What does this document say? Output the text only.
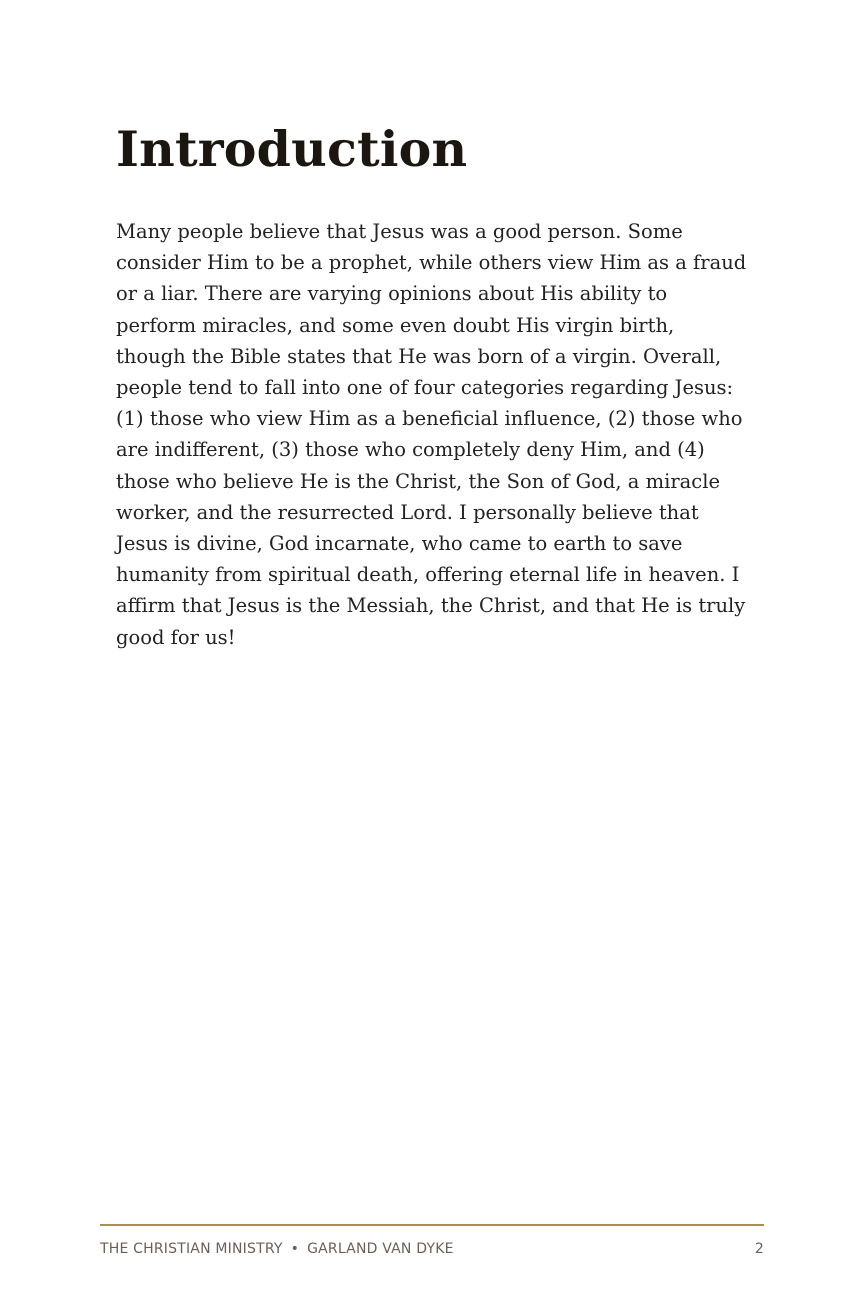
Introduction

Many people believe that Jesus was a good person. Some consider Him to be a prophet, while others view Him as a fraud or a liar. There are varying opinions about His ability to perform miracles, and some even doubt His virgin birth, though the Bible states that He was born of a virgin. Overall, people tend to fall into one of four categories regarding Jesus: (1) those who view Him as a beneficial influence, (2) those who are indifferent, (3) those who completely deny Him, and (4) those who believe He is the Christ, the Son of God, a miracle worker, and the resurrected Lord. I personally believe that Jesus is divine, God incarnate, who came to earth to save humanity from spiritual death, offering eternal life in heaven. I affirm that Jesus is the Messiah, the Christ, and that He is truly good for us!

THE CHRISTIAN MINISTRY • GARLAND VAN DYKE	2
